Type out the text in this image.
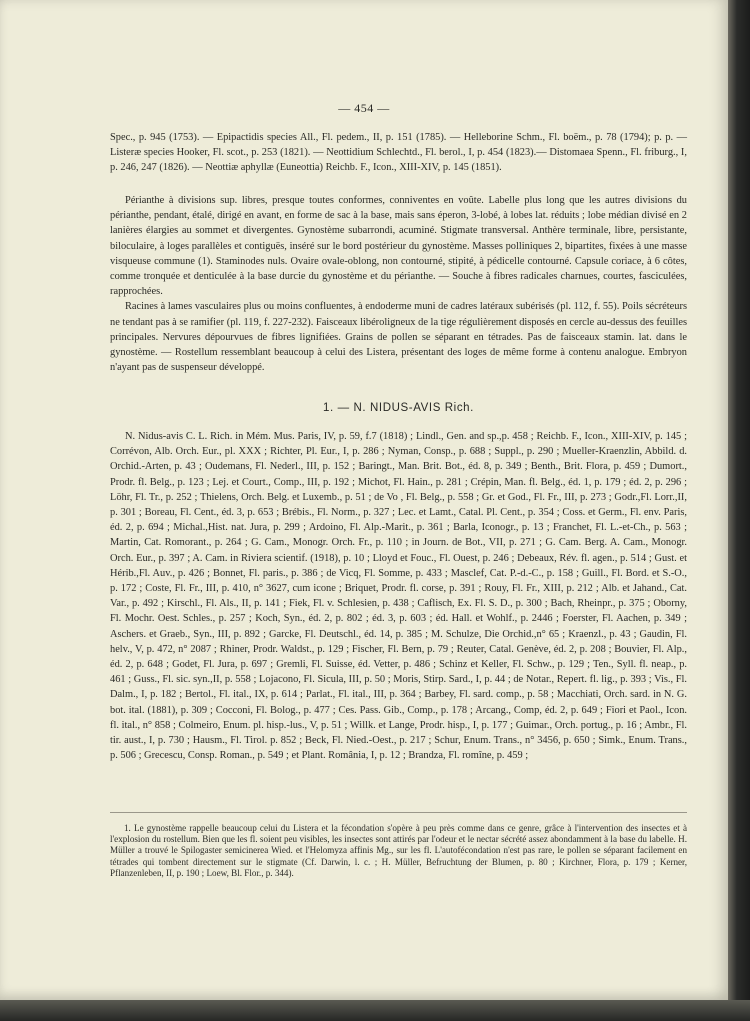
— 454 —

Spec., p. 945 (1753). — Epipactidis species All., Fl. pedem., II, p. 151 (1785). — Helleborine Schm., Fl. boëm., p. 78 (1794); p. p. — Listeræ species Hooker, Fl. scot., p. 253 (1821). — Neottidium Schlechtd., Fl. berol., I, p. 454 (1823).— Distomaea Spenn., Fl. friburg., I, p. 246, 247 (1826). — Neottiæ aphyllæ (Euneottia) Reichb. F., Icon., XIII-XIV, p. 145 (1851).

Périanthe à divisions sup. libres, presque toutes conformes, conniventes en voûte. Labelle plus long que les autres divisions du périanthe, pendant, étalé, dirigé en avant, en forme de sac à la base, mais sans éperon, 3-lobé, à lobes lat. réduits ; lobe médian divisé en 2 lanières élargies au sommet et divergentes. Gynostème subarrondi, acuminé. Stigmate transversal. Anthère terminale, libre, persistante, biloculaire, à loges parallèles et contiguës, inséré sur le bord postérieur du gynostème. Masses polliniques 2, bipartites, fixées à une masse visqueuse commune (1). Staminodes nuls. Ovaire ovale-oblong, non contourné, stipité, à pédicelle contourné. Capsule coriace, à 6 côtes, comme tronquée et denticulée à la base durcie du gynostème et du périanthe. — Souche à fibres radicales charnues, courtes, fasciculées, rapprochées.

Racines à lames vasculaires plus ou moins confluentes, à endoderme muni de cadres latéraux subérisés (pl. 112, f. 55). Poils sécréteurs ne tendant pas à se ramifier (pl. 119, f. 227-232). Faisceaux libéroligneux de la tige régulièrement disposés en cercle au-dessus des feuilles principales. Nervures dépourvues de fibres lignifiées. Grains de pollen se séparant en tétrades. Pas de faisceaux stamin. lat. dans le gynostème. — Rostellum ressemblant beaucoup à celui des Listera, présentant des loges de même forme à contenu analogue. Embryon n'ayant pas de suspenseur développé.

1. — N. NIDUS-AVIS Rich.

N. Nidus-avis C. L. Rich. in Mém. Mus. Paris, IV, p. 59, f.7 (1818) ; Lindl., Gen. and sp.,p. 458 ; Reichb. F., Icon., XIII-XIV, p. 145 ; Corrévon, Alb. Orch. Eur., pl. XXX ; Richter, Pl. Eur., I, p. 286 ; Nyman, Consp., p. 688 ; Suppl., p. 290 ; Mueller-Kraenzlin, Abbild. d. Orchid.-Arten, p. 43 ; Oudemans, Fl. Nederl., III, p. 152 ; Baringt., Man. Brit. Bot., éd. 8, p. 349 ; Benth., Brit. Flora, p. 459 ; Dumort., Prodr. fl. Belg., p. 123 ; Lej. et Court., Comp., III, p. 192 ; Michot, Fl. Hain., p. 281 ; Crépin, Man. fl. Belg., éd. 1, p. 179 ; éd. 2, p. 296 ; Löhr, Fl. Tr., p. 252 ; Thielens, Orch. Belg. et Luxemb., p. 51 ; de Vo , Fl. Belg., p. 558 ; Gr. et God., Fl. Fr., III, p. 273 ; Godr.,Fl. Lorr.,II, p. 301 ; Boreau, Fl. Cent., éd. 3, p. 653 ; Brébis., Fl. Norm., p. 327 ; Lec. et Lamt., Catal. Pl. Cent., p. 354 ; Coss. et Germ., Fl. env. Paris, éd. 2, p. 694 ; Michal.,Hist. nat. Jura, p. 299 ; Ardoino, Fl. Alp.-Marit., p. 361 ; Barla, Iconogr., p. 13 ; Franchet, Fl. L.-et-Ch., p. 563 ; Martin, Cat. Romorant., p. 264 ; G. Cam., Monogr. Orch. Fr., p. 110 ; in Journ. de Bot., VII, p. 271 ; G. Cam. Berg. A. Cam., Monogr. Orch. Eur., p. 397 ; A. Cam. in Riviera scientif. (1918), p. 10 ; Lloyd et Fouc., Fl. Ouest, p. 246 ; Debeaux, Rév. fl. agen., p. 514 ; Gust. et Hérib.,Fl. Auv., p. 426 ; Bonnet, Fl. paris., p. 386 ; de Vicq, Fl. Somme, p. 433 ; Masclef, Cat. P.-d.-C., p. 158 ; Guill., Fl. Bord. et S.-O., p. 172 ; Coste, Fl. Fr., III, p. 410, n° 3627, cum icone ; Briquet, Prodr. fl. corse, p. 391 ; Rouy, Fl. Fr., XIII, p. 212 ; Alb. et Jahand., Cat. Var., p. 492 ; Kirschl., Fl. Als., II, p. 141 ; Fiek, Fl. v. Schlesien, p. 438 ; Caflisch, Ex. Fl. S. D., p. 300 ; Bach, Rheinpr., p. 375 ; Oborny, Fl. Mochr. Oest. Schles., p. 257 ; Koch, Syn., éd. 2, p. 802 ; éd. 3, p. 603 ; éd. Hall. et Wohlf., p. 2446 ; Foerster, Fl. Aachen, p. 349 ; Aschers. et Graeb., Syn., III, p. 892 ; Garcke, Fl. Deutschl., éd. 14, p. 385 ; M. Schulze, Die Orchid.,n° 65 ; Kraenzl., p. 43 ; Gaudin, Fl. helv., V, p. 472, n° 2087 ; Rhiner, Prodr. Waldst., p. 129 ; Fischer, Fl. Bern, p. 79 ; Reuter, Catal. Genève, éd. 2, p. 208 ; Bouvier, Fl. Alp., éd. 2, p. 648 ; Godet, Fl. Jura, p. 697 ; Gremli, Fl. Suisse, éd. Vetter, p. 486 ; Schinz et Keller, Fl. Schw., p. 129 ; Ten., Syll. fl. neap., p. 461 ; Guss., Fl. sic. syn.,II, p. 558 ; Lojacono, Fl. Sicula, III, p. 50 ; Moris, Stirp. Sard., I, p. 44 ; de Notar., Repert. fl. lig., p. 393 ; Vis., Fl. Dalm., I, p. 182 ; Bertol., Fl. ital., IX, p. 614 ; Parlat., Fl. ital., III, p. 364 ; Barbey, Fl. sard. comp., p. 58 ; Macchiati, Orch. sard. in N. G. bot. ital. (1881), p. 309 ; Cocconi, Fl. Bolog., p. 477 ; Ces. Pass. Gib., Comp., p. 178 ; Arcang., Comp, éd. 2, p. 649 ; Fiori et Paol., Icon. fl. ital., n° 858 ; Colmeiro, Enum. pl. hisp.-lus., V, p. 51 ; Willk. et Lange, Prodr. hisp., I, p. 177 ; Guimar., Orch. portug., p. 16 ; Ambr., Fl. tir. aust., I, p. 730 ; Hausm., Fl. Tirol. p. 852 ; Beck, Fl. Nied.-Oest., p. 217 ; Schur, Enum. Trans., n° 3456, p. 650 ; Simk., Enum. Trans., p. 506 ; Grecescu, Consp. Roman., p. 549 ; et Plant. România, I, p. 12 ; Brandza, Fl. romîne, p. 459 ;

1. Le gynostème rappelle beaucoup celui du Listera et la fécondation s'opère à peu près comme dans ce genre, grâce à l'intervention des insectes et à l'explosion du rostellum. Bien que les fl. soient peu visibles, les insectes sont attirés par l'odeur et le nectar sécrété assez abondamment à la base du labelle. H. Müller a trouvé le Spilogaster semicinerea Wied. et l'Helomyza affinis Mg., sur les fl. L'autofécondation n'est pas rare, le pollen se séparant facilement en tétrades qui tombent directement sur le stigmate (Cf. Darwin, l. c. ; H. Müller, Befruchtung der Blumen, p. 80 ; Kirchner, Flora, p. 179 ; Kerner, Pflanzenleben, II, p. 190 ; Loew, Bl. Flor., p. 344).
